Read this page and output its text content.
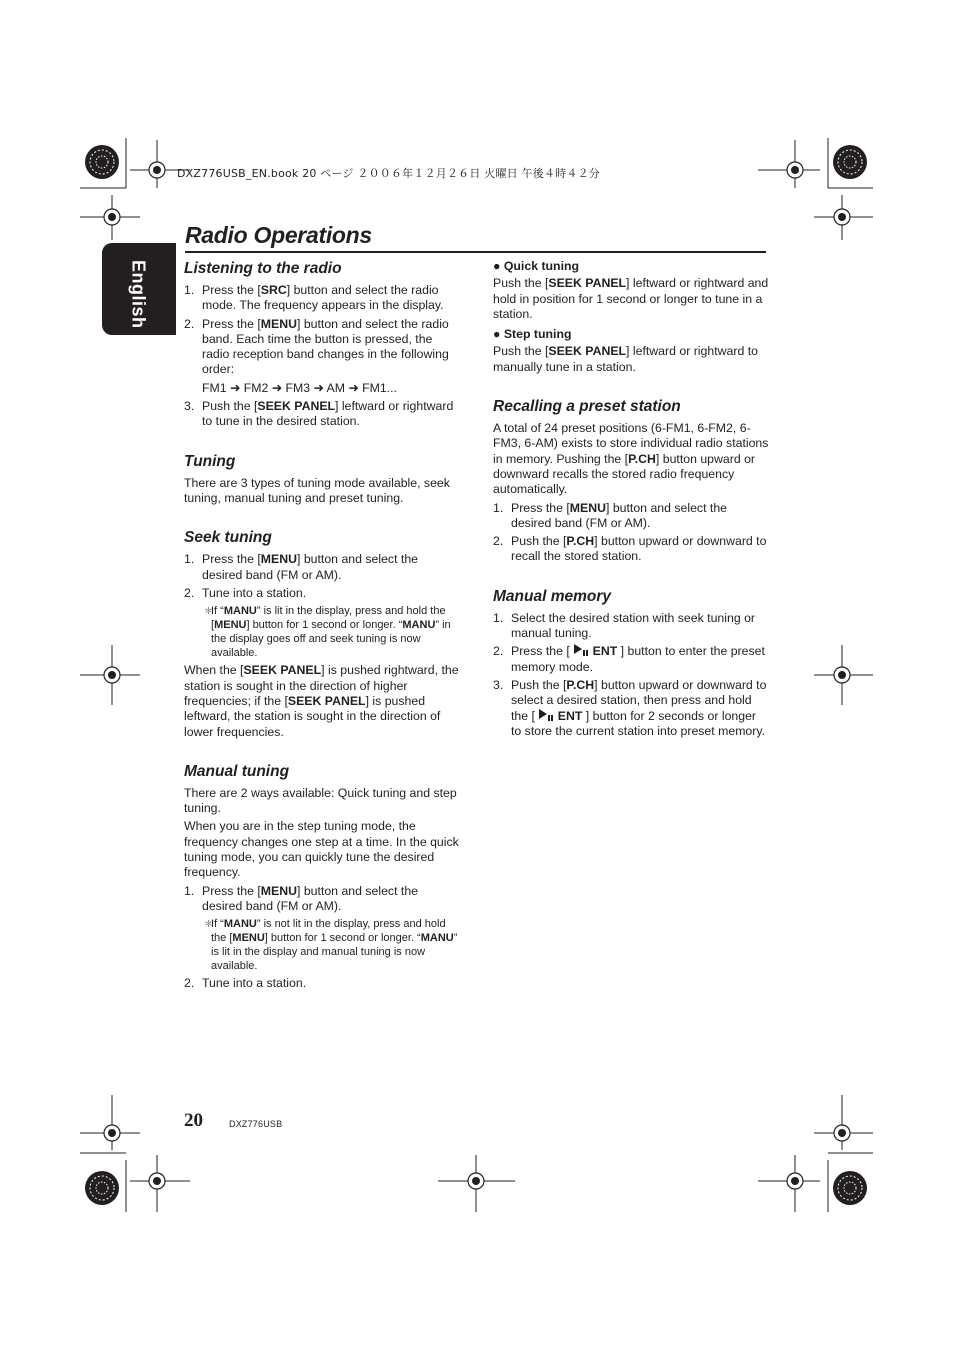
DXZ776USB_EN.book 20 ページ ２００６年１２月２６日 火曜日 午後４時４２分
English
Radio Operations
Listening to the radio
1. Press the [SRC] button and select the radio mode. The frequency appears in the display.
2. Press the [MENU] button and select the radio band. Each time the button is pressed, the radio reception band changes in the following order:
FM1 ➜ FM2 ➜ FM3 ➜ AM ➜ FM1...
3. Push the [SEEK PANEL] leftward or rightward to tune in the desired station.
Tuning
There are 3 types of tuning mode available, seek tuning, manual tuning and preset tuning.
Seek tuning
1. Press the [MENU] button and select the desired band (FM or AM).
2. Tune into a station.
＊
If “MANU” is lit in the display, press and hold the [MENU] button for 1 second or longer. “MANU” in the display goes off and seek tuning is now available.
When the [SEEK PANEL] is pushed rightward, the station is sought in the direction of higher frequencies; if the [SEEK PANEL] is pushed leftward, the station is sought in the direction of lower frequencies.
Manual tuning
There are 2 ways available: Quick tuning and step tuning.
When you are in the step tuning mode, the frequency changes one step at a time. In the quick tuning mode, you can quickly tune the desired frequency.
1. Press the [MENU] button and select the desired band (FM or AM).
＊
If “MANU” is not lit in the display, press and hold the [MENU] button for 1 second or longer. “MANU” is lit in the display and manual tuning is now available.
2. Tune into a station.
● Quick tuning
Push the [SEEK PANEL] leftward or rightward and hold in position for 1 second or longer to tune in a station.
● Step tuning
Push the [SEEK PANEL] leftward or rightward to manually tune in a station.
Recalling a preset station
A total of 24 preset positions (6-FM1, 6-FM2, 6-FM3, 6-AM) exists to store individual radio stations in memory. Pushing the [P.CH] button upward or downward recalls the stored radio frequency automatically.
1. Press the [MENU] button and select the desired band (FM or AM).
2. Push the [P.CH] button upward or downward to recall the stored station.
Manual memory
1. Select the desired station with seek tuning or manual tuning.
2. Press the [  ENT ] button to enter the preset memory mode.
3. Push the [P.CH] button upward or downward to select a desired station, then press and hold the [  ENT ] button for 2 seconds or longer to store the current station into preset memory.
20	DXZ776USB
